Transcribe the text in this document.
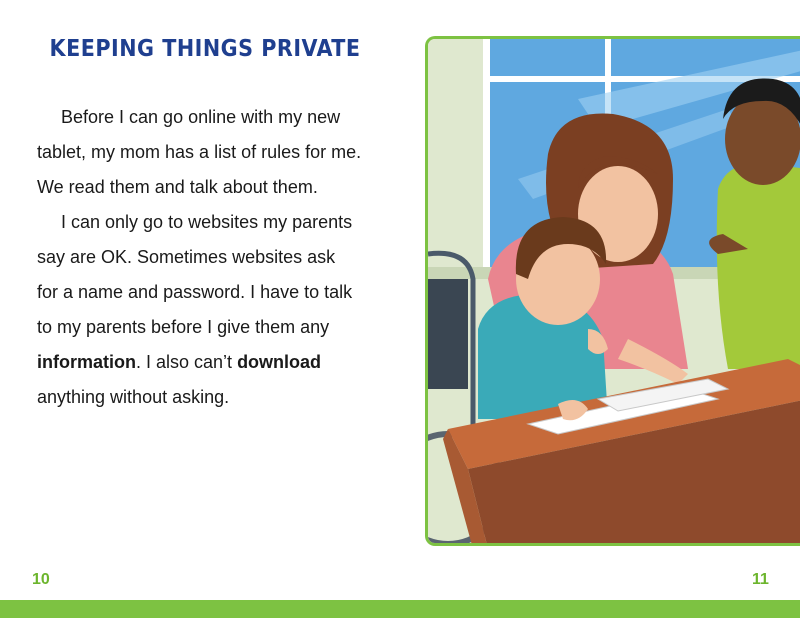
KEEPING THINGS PRIVATE

Before I can go online with my new
tablet, my mom has a list of rules for me.
We read them and talk about them.

I can only go to websites my parents
say are OK. Sometimes websites ask
for a name and password. I have to talk
to my parents before I give them any
information. I also can’t download
anything without asking.

10	11
